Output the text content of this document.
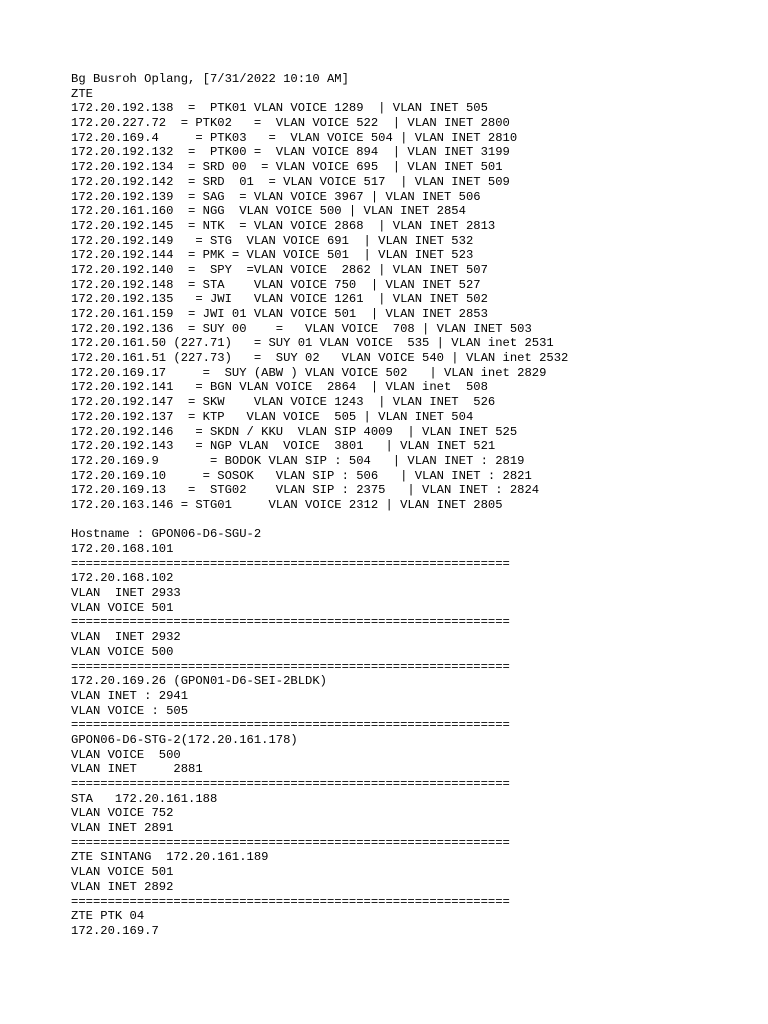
Bg Busroh Oplang, [7/31/2022 10:10 AM]
ZTE
172.20.192.138  =  PTK01 VLAN VOICE 1289  | VLAN INET 505
172.20.227.72  = PTK02   =  VLAN VOICE 522  | VLAN INET 2800
172.20.169.4     = PTK03   =  VLAN VOICE 504 | VLAN INET 2810
172.20.192.132  =  PTK00 =  VLAN VOICE 894  | VLAN INET 3199
172.20.192.134  = SRD 00  = VLAN VOICE 695  | VLAN INET 501
172.20.192.142  = SRD  01  = VLAN VOICE 517  | VLAN INET 509
172.20.192.139  = SAG  = VLAN VOICE 3967 | VLAN INET 506
172.20.161.160  = NGG  VLAN VOICE 500 | VLAN INET 2854
172.20.192.145  = NTK  = VLAN VOICE 2868  | VLAN INET 2813
172.20.192.149   = STG  VLAN VOICE 691  | VLAN INET 532
172.20.192.144  = PMK = VLAN VOICE 501  | VLAN INET 523
172.20.192.140  =  SPY  =VLAN VOICE  2862 | VLAN INET 507
172.20.192.148  = STA    VLAN VOICE 750  | VLAN INET 527
172.20.192.135   = JWI   VLAN VOICE 1261  | VLAN INET 502
172.20.161.159  = JWI 01 VLAN VOICE 501  | VLAN INET 2853
172.20.192.136  = SUY 00    =   VLAN VOICE  708 | VLAN INET 503
172.20.161.50 (227.71)   = SUY 01 VLAN VOICE  535 | VLAN inet 2531
172.20.161.51 (227.73)   =  SUY 02   VLAN VOICE 540 | VLAN inet 2532
172.20.169.17     =  SUY (ABW ) VLAN VOICE 502   | VLAN inet 2829
172.20.192.141   = BGN VLAN VOICE  2864  | VLAN inet  508
172.20.192.147  = SKW    VLAN VOICE 1243  | VLAN INET  526
172.20.192.137  = KTP   VLAN VOICE  505 | VLAN INET 504
172.20.192.146   = SKDN / KKU  VLAN SIP 4009  | VLAN INET 525
172.20.192.143   = NGP VLAN  VOICE  3801   | VLAN INET 521
172.20.169.9       = BODOK VLAN SIP : 504   | VLAN INET : 2819
172.20.169.10     = SOSOK   VLAN SIP : 506   | VLAN INET : 2821
172.20.169.13   =  STG02    VLAN SIP : 2375   | VLAN INET : 2824
172.20.163.146 = STG01     VLAN VOICE 2312 | VLAN INET 2805
Hostname : GPON06-D6-SGU-2
172.20.168.101
============================================================
172.20.168.102
VLAN  INET 2933
VLAN VOICE 501
============================================================
VLAN  INET 2932
VLAN VOICE 500
============================================================
172.20.169.26 (GPON01-D6-SEI-2BLDK)
VLAN INET : 2941
VLAN VOICE : 505
============================================================
GPON06-D6-STG-2(172.20.161.178)
VLAN VOICE  500
VLAN INET     2881
============================================================
STA   172.20.161.188
VLAN VOICE 752
VLAN INET 2891
============================================================
ZTE SINTANG  172.20.161.189
VLAN VOICE 501
VLAN INET 2892
============================================================
ZTE PTK 04
172.20.169.7
